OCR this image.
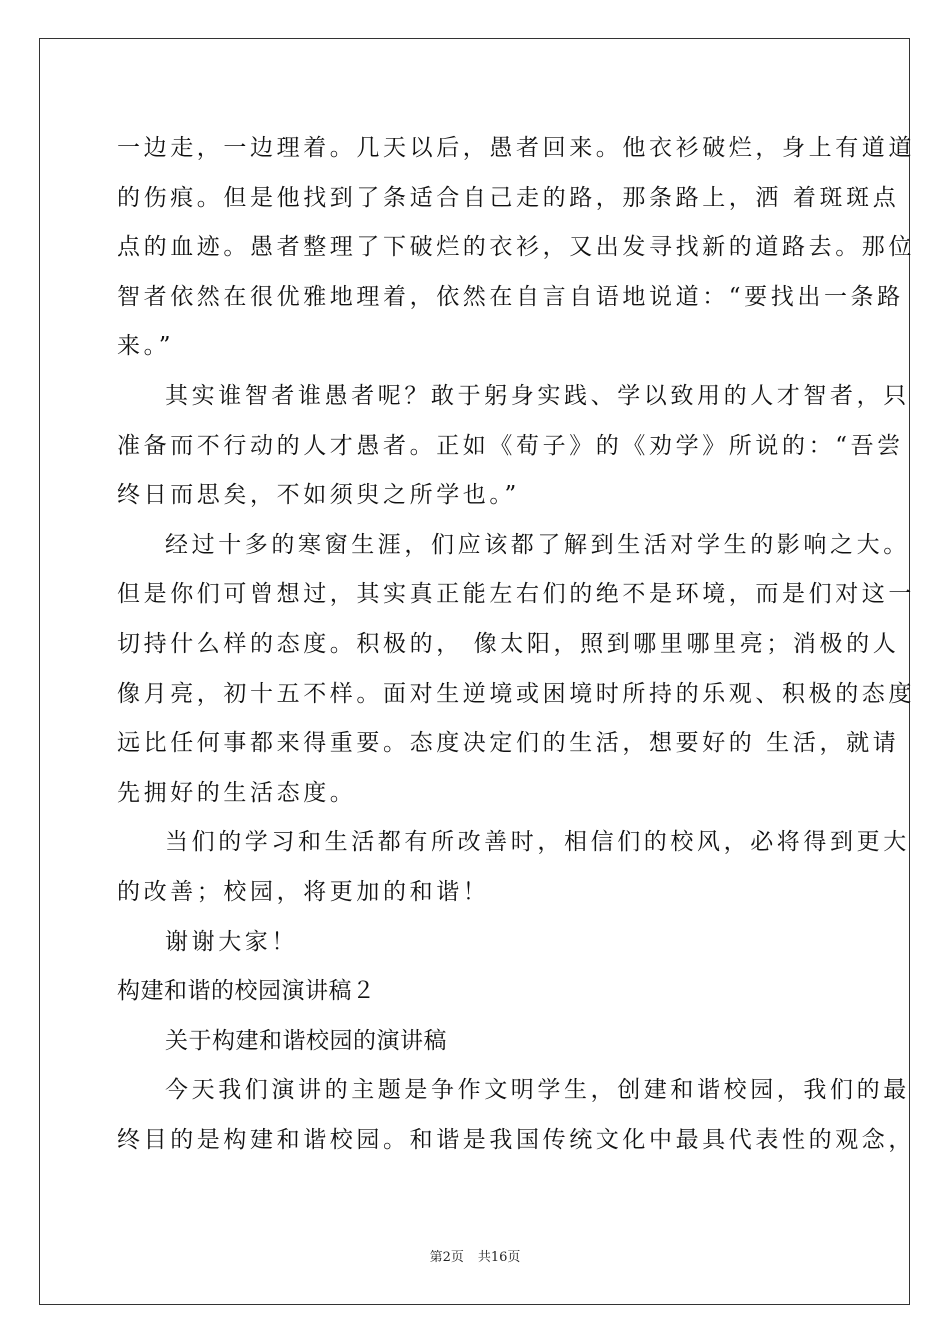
一边走，一边理着。几天以后，愚者回来。他衣衫破烂，身上有道道
的伤痕。但是他找到了条适合自己走的路，那条路上，洒 着斑斑点
点的血迹。愚者整理了下破烂的衣衫，又出发寻找新的道路去。那位
智者依然在很优雅地理着，依然在自言自语地说道：“要找出一条路
来。”
其实谁智者谁愚者呢？敢于躬身实践、学以致用的人才智者，只
准备而不行动的人才愚者。正如《荀子》的《劝学》所说的：“吾尝
终日而思矣，不如须臾之所学也。”
经过十多的寒窗生涯，们应该都了解到生活对学生的影响之大。
但是你们可曾想过，其实真正能左右们的绝不是环境，而是们对这一
切持什么样的态度。积极的， 像太阳，照到哪里哪里亮；消极的人
像月亮，初十五不样。面对生逆境或困境时所持的乐观、积极的态度
远比任何事都来得重要。态度决定们的生活，想要好的 生活，就请
先拥好的生活态度。
当们的学习和生活都有所改善时，相信们的校风，必将得到更大
的改善；校园，将更加的和谐！
谢谢大家！
构建和谐的校园演讲稿２
关于构建和谐校园的演讲稿
今天我们演讲的主题是争作文明学生，创建和谐校园，我们的最
终目的是构建和谐校园。和谐是我国传统文化中最具代表性的观念，
第2页 共16页
